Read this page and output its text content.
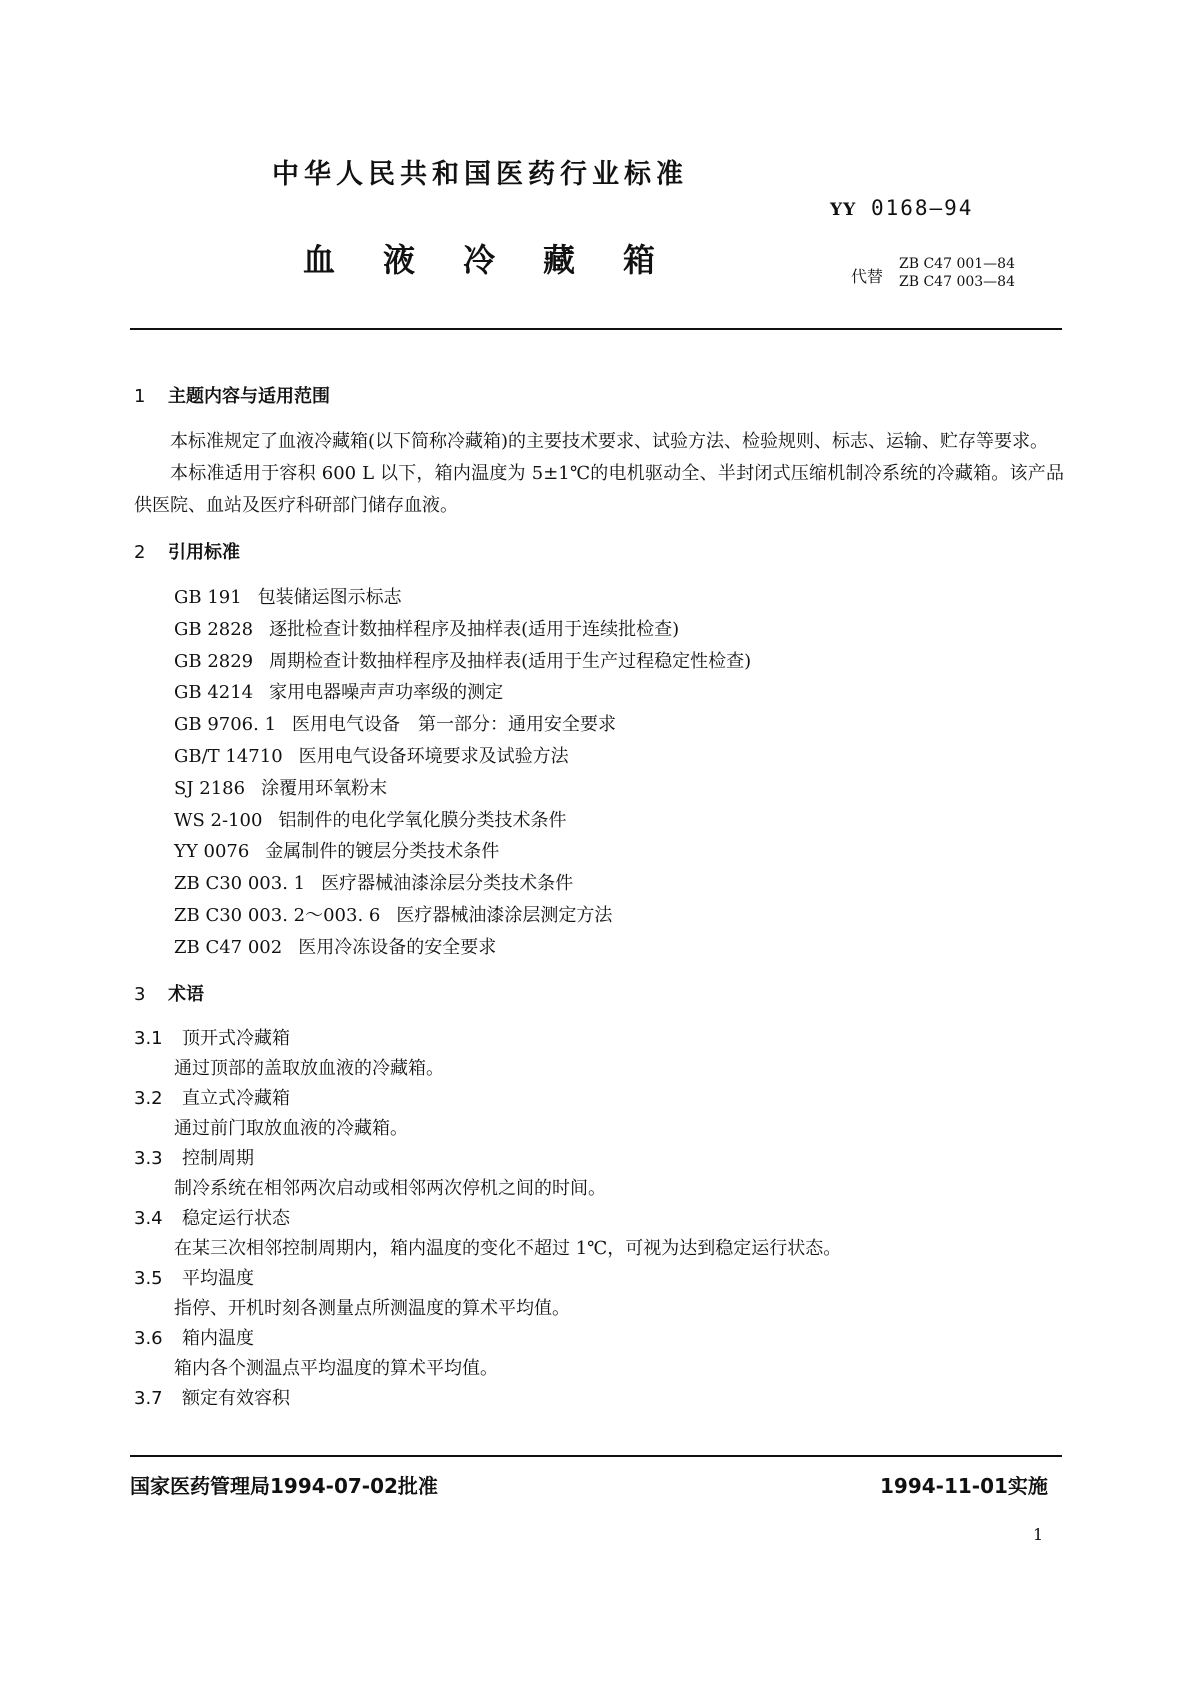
中华人民共和国医药行业标准
YY 0168—94
血液冷藏箱	代替
ZB C47 001—84
ZB C47 003—84
1 主题内容与适用范围

本标准规定了血液冷藏箱(以下简称冷藏箱)的主要技术要求、试验方法、检验规则、标志、运输、贮存等要求。

本标准适用于容积 600 L 以下，箱内温度为 5±1℃的电机驱动全、半封闭式压缩机制冷系统的冷藏箱。该产品供医院、血站及医疗科研部门储存血液。

2 引用标准

GB 191 包装储运图示标志

GB 2828 逐批检查计数抽样程序及抽样表(适用于连续批检查)

GB 2829 周期检查计数抽样程序及抽样表(适用于生产过程稳定性检查)

GB 4214 家用电器噪声声功率级的测定

GB 9706. 1 医用电气设备　第一部分：通用安全要求

GB/T 14710 医用电气设备环境要求及试验方法

SJ 2186 涂覆用环氧粉末

WS 2-100 铝制件的电化学氧化膜分类技术条件

YY 0076 金属制件的镀层分类技术条件

ZB C30 003. 1 医疗器械油漆涂层分类技术条件

ZB C30 003. 2～003. 6 医疗器械油漆涂层测定方法

ZB C47 002 医用冷冻设备的安全要求

3 术语
3.1 顶开式冷藏箱

通过顶部的盖取放血液的冷藏箱。

3.2 直立式冷藏箱

通过前门取放血液的冷藏箱。

3.3 控制周期

制冷系统在相邻两次启动或相邻两次停机之间的时间。

3.4 稳定运行状态

在某三次相邻控制周期内，箱内温度的变化不超过 1℃，可视为达到稳定运行状态。

3.5 平均温度

指停、开机时刻各测量点所测温度的算术平均值。

3.6 箱内温度

箱内各个测温点平均温度的算术平均值。

3.7 额定有效容积
国家医药管理局1994-07-02批准	1994-11-01实施
1
